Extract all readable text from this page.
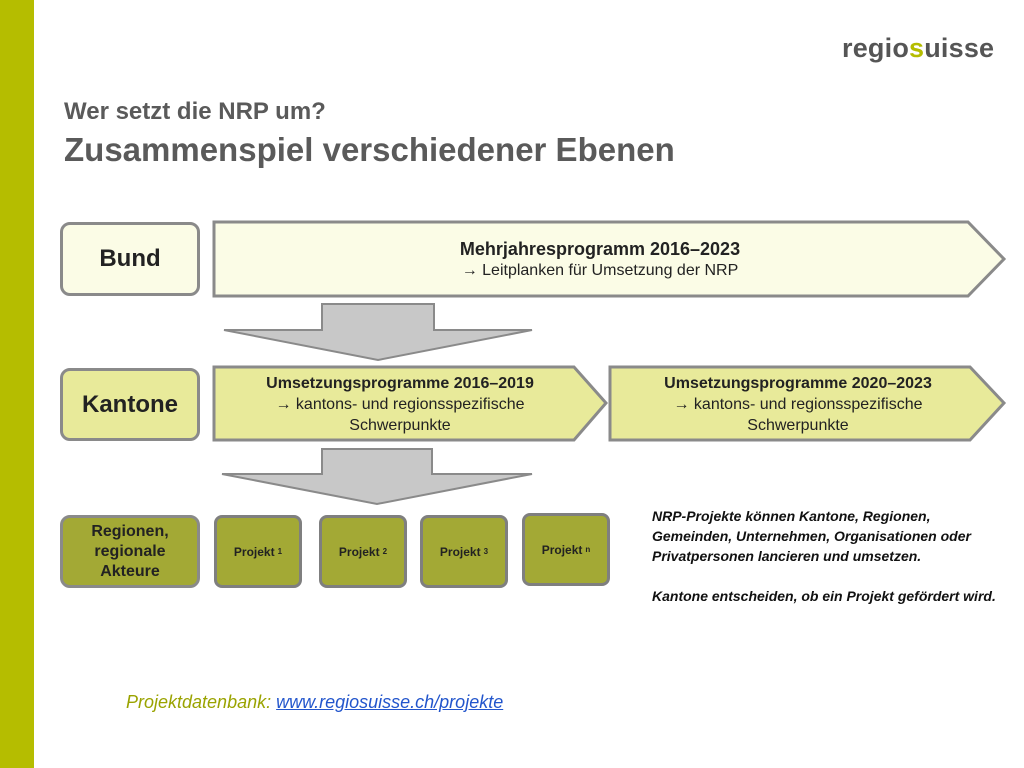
regiosuisse
Wer setzt die NRP um?
Zusammenspiel verschiedener Ebenen
Bund
Kantone
Regionen,
regionale
Akteure
Mehrjahresprogramm 2016–2023
→ Leitplanken für Umsetzung der NRP
Umsetzungsprogramme 2016–2019
→ kantons- und regionsspezifische
Schwerpunkte
Umsetzungsprogramme 2020–2023
→ kantons- und regionsspezifische
Schwerpunkte
Projekt 1	Projekt 2	Projekt 3	Projekt n

NRP-Projekte können Kantone, Regionen, Gemeinden, Unternehmen, Organisationen oder Privatpersonen lancieren und umsetzen.

Kantone entscheiden, ob ein Projekt gefördert wird.

Projektdatenbank: www.regiosuisse.ch/projekte
